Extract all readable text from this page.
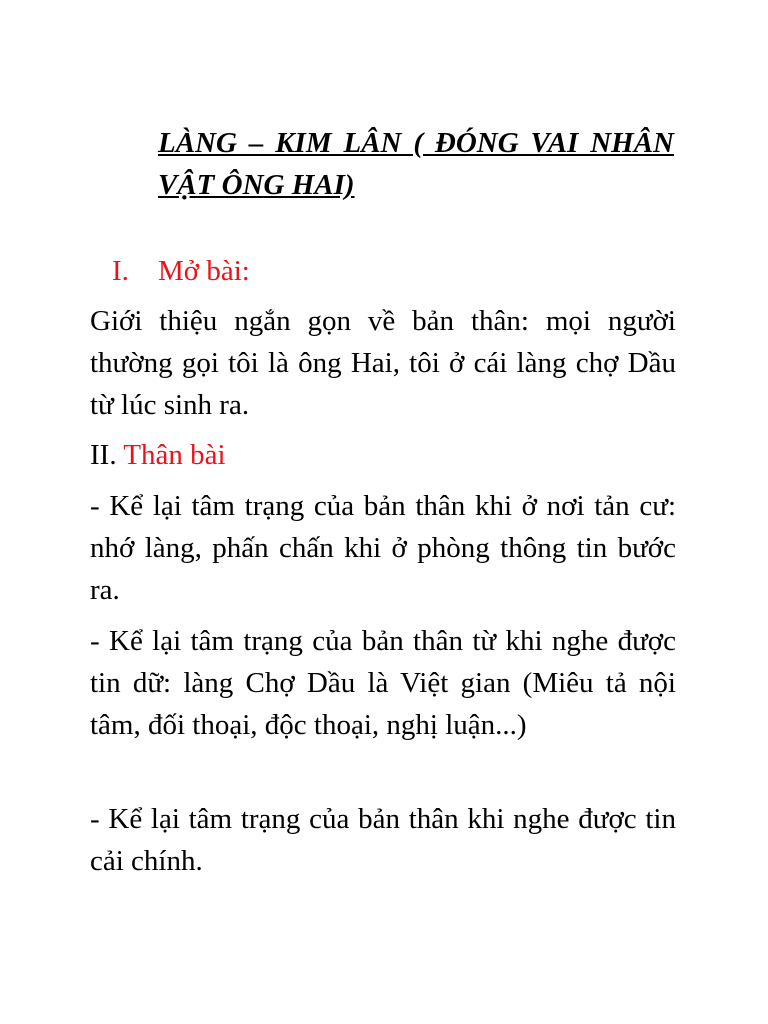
LÀNG – KIM LÂN ( ĐÓNG VAI NHÂN VẬT ÔNG HAI)

I. Mở bài:

Giới thiệu ngắn gọn về bản thân: mọi người thường gọi tôi là ông Hai, tôi ở cái làng chợ Dầu từ lúc sinh ra.

II. Thân bài

- Kể lại tâm trạng của bản thân khi ở nơi tản cư: nhớ làng, phấn chấn khi ở phòng thông tin bước ra.

- Kể lại tâm trạng của bản thân từ khi nghe được tin dữ: làng Chợ Dầu là Việt gian (Miêu tả nội tâm, đối thoại, độc thoại, nghị luận...)

- Kể lại tâm trạng của bản thân khi nghe được tin cải chính.
